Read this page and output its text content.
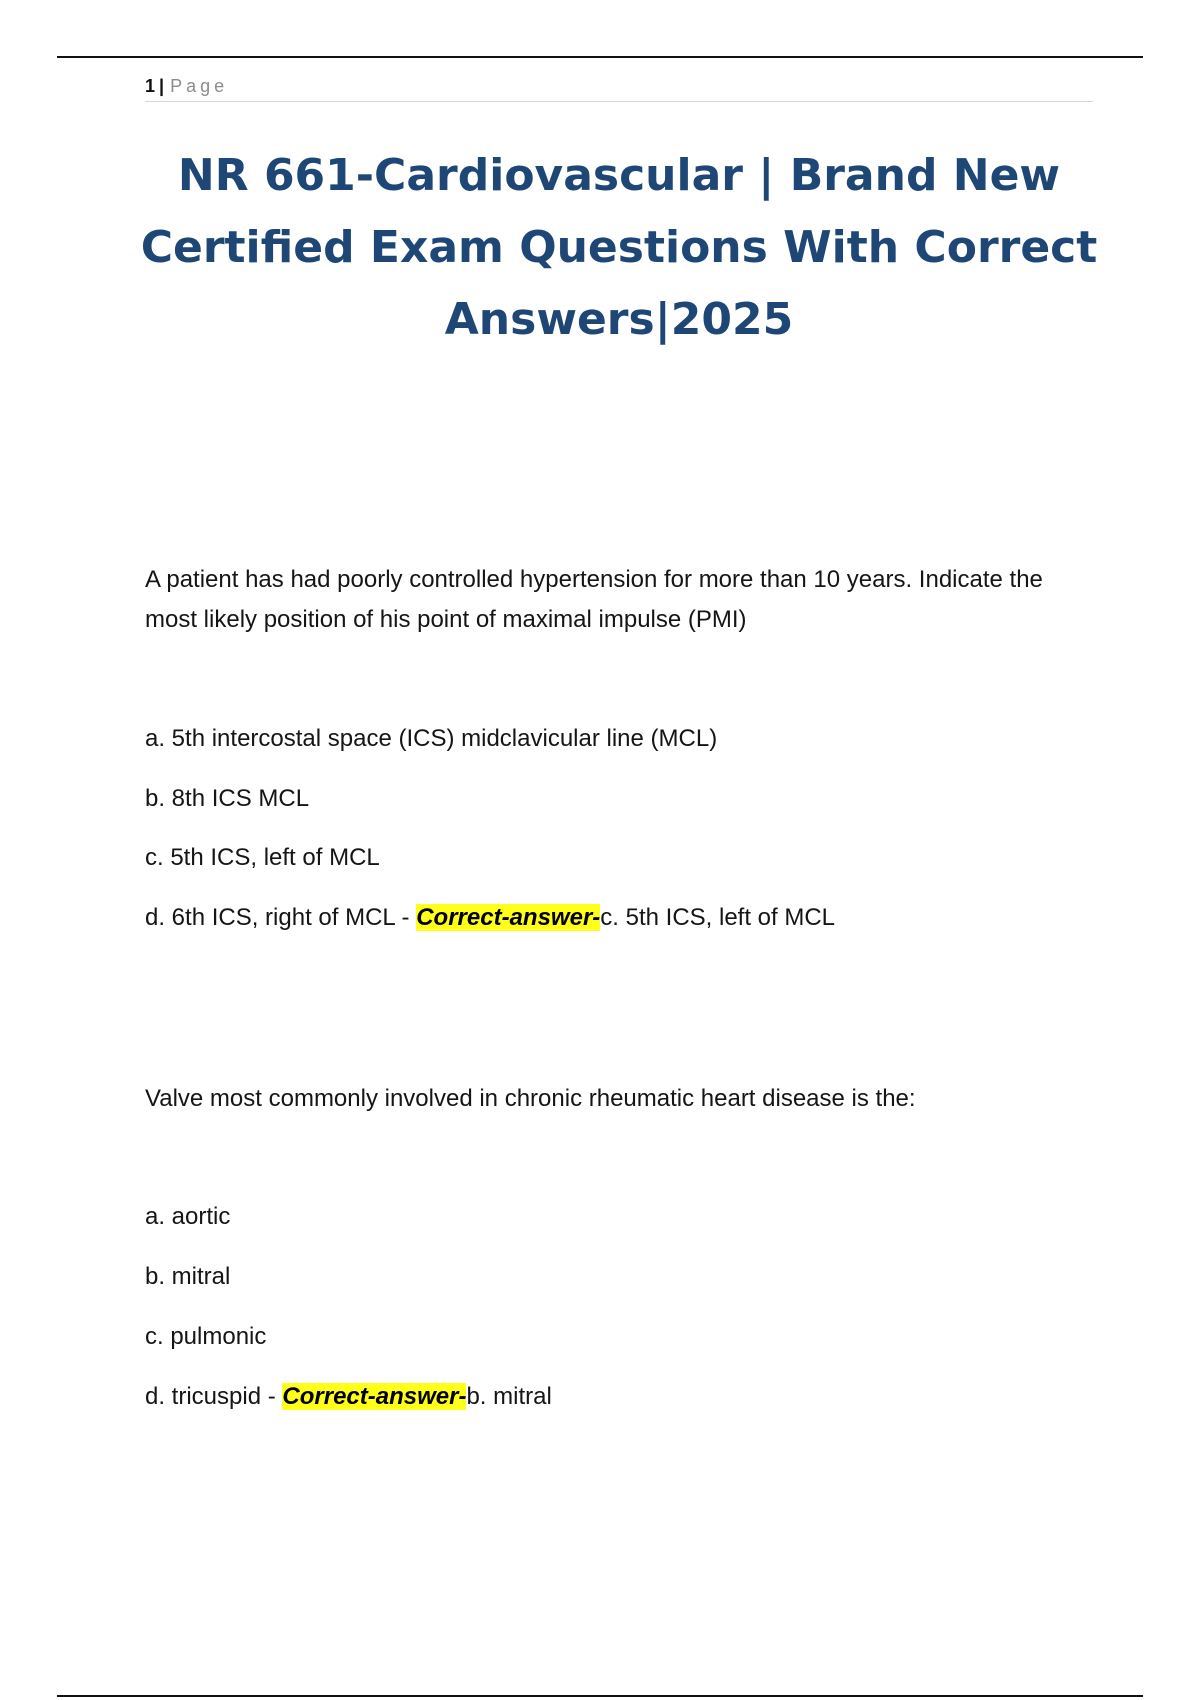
1 | Page
NR 661-Cardiovascular | Brand New Certified Exam Questions With Correct Answers|2025

A patient has had poorly controlled hypertension for more than 10 years. Indicate the most likely position of his point of maximal impulse (PMI)

a. 5th intercostal space (ICS) midclavicular line (MCL)

b. 8th ICS MCL

c. 5th ICS, left of MCL

d. 6th ICS, right of MCL - Correct-answer-c. 5th ICS, left of MCL

Valve most commonly involved in chronic rheumatic heart disease is the:

a. aortic

b. mitral

c. pulmonic

d. tricuspid - Correct-answer-b. mitral
